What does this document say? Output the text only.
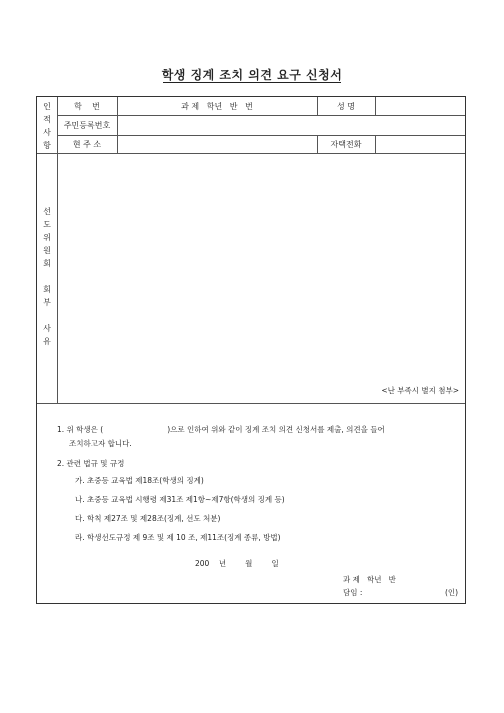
학생 징계 조치 의견 요구 신청서
인
적
사
항
학    번	과 제   학년   반   번	성 명
주민등록번호
현 주 소	자택전화
선
도
위
원
회

회
부

사
유
<난 부족시 별지 첨부>
1. 위 학생은 (	)으로 인하여 위와 같이 징계 조치 의견 신청서를 제출, 의견을 들어
조치하고자 합니다.
2. 관련 법규 및 규정
가. 초중등 교육법 제18조(학생의 징계)
나. 초중등 교육법 시행령 제31조 제1항~제7항(학생의 징계 등)
다. 학칙 제27조 및 제28조(징계, 선도 처분)
라. 학생선도규정 제 9조 및 제 10 조, 제11조(징계 종류, 방법)
200    년        월        일
과 제   학년   반
담임 :	(인)
